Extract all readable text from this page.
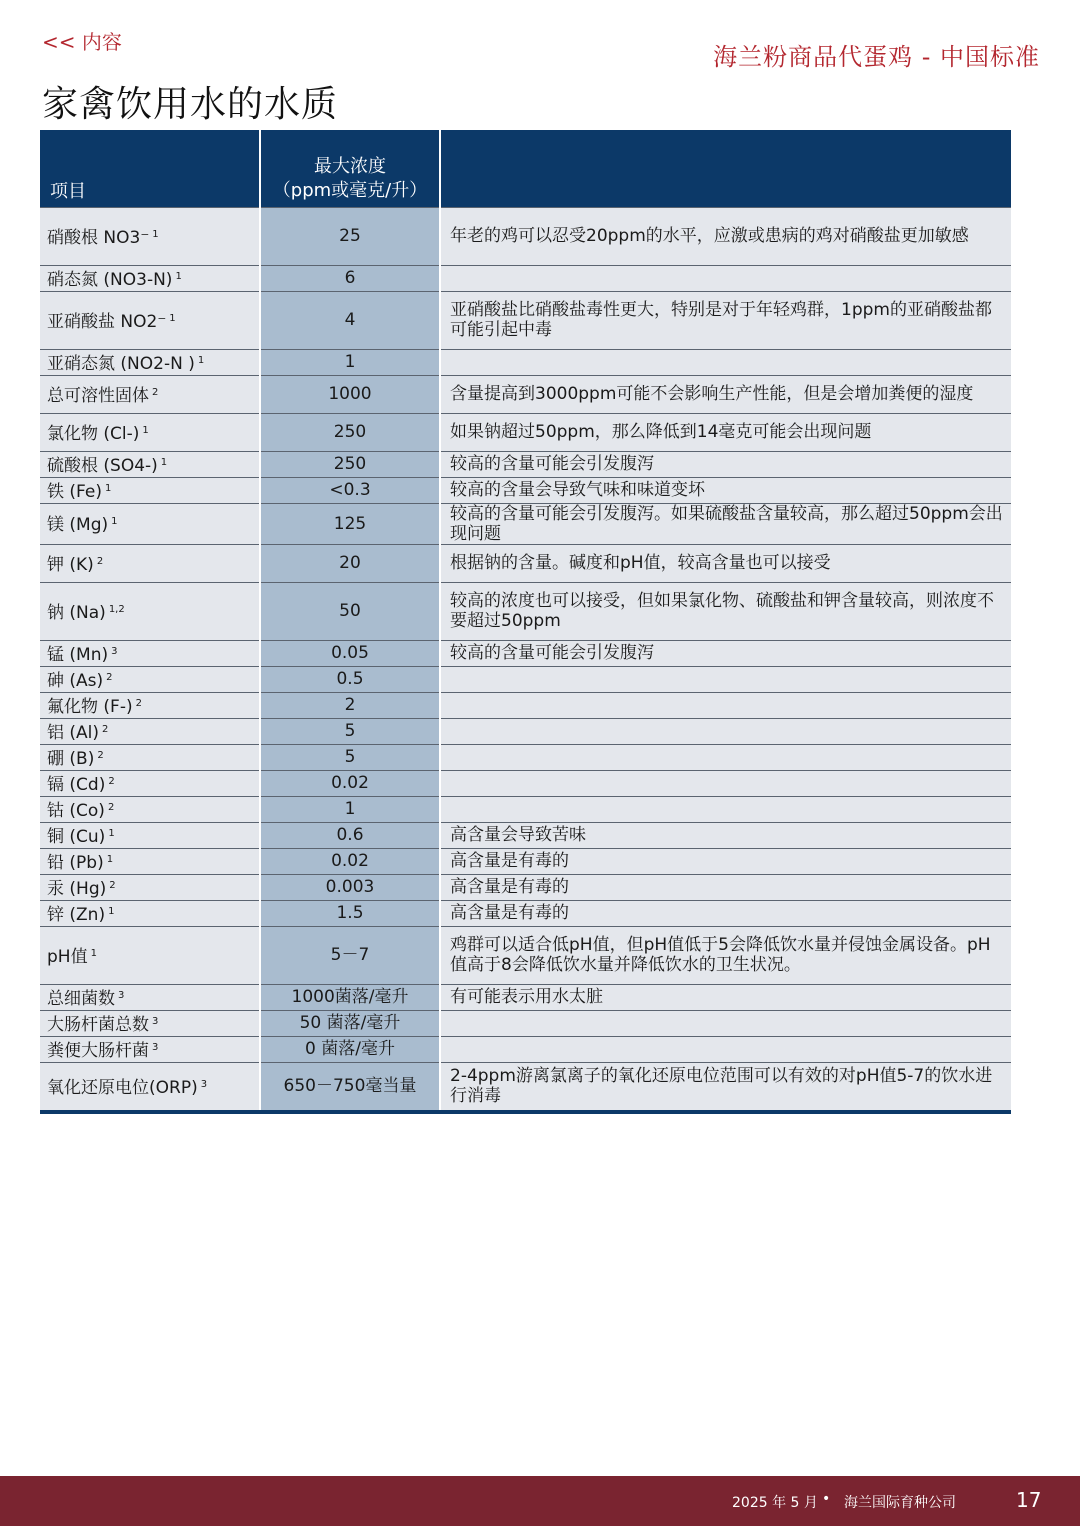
<< 内容
海兰粉商品代蛋鸡 - 中国标准
家禽饮用水的水质
项目	最大浓度
（ppm或毫克/升）	

硝酸根 NO3⁻ $^1$	25	年老的鸡可以忍受20ppm的水平，应激或患病的鸡对硝酸盐更加敏感
硝态氮 (NO3-N) $^1$	6	
亚硝酸盐 NO2⁻ $^1$	4	亚硝酸盐比硝酸盐毒性更大，特别是对于年轻鸡群，1ppm的亚硝酸盐都可能引起中毒
亚硝态氮 (NO2-N ) $^1$	1	
总可溶性固体 $^2$	1000	含量提高到3000ppm可能不会影响生产性能，但是会增加粪便的湿度
氯化物 (Cl-) $^1$	250	如果钠超过50ppm，那么降低到14毫克可能会出现问题
硫酸根 (SO4-) $^1$	250	较高的含量可能会引发腹泻
铁 (Fe) $^1$	<0.3	较高的含量会导致气味和味道变坏
镁 (Mg) $^1$	125	较高的含量可能会引发腹泻。如果硫酸盐含量较高，那么超过50ppm会出现问题
钾 (K) $^2$	20	根据钠的含量。碱度和pH值，较高含量也可以接受
钠 (Na) $^{1,2}$	50	较高的浓度也可以接受，但如果氯化物、硫酸盐和钾含量较高，则浓度不要超过50ppm
锰 (Mn) $^3$	0.05	较高的含量可能会引发腹泻
砷 (As) $^2$	0.5	
氟化物 (F-) $^2$	2	
铝 (Al) $^2$	5	
硼 (B) $^2$	5	
镉 (Cd) $^2$	0.02	
钴 (Co) $^2$	1	
铜 (Cu) $^1$	0.6	高含量会导致苦味
铅 (Pb) $^1$	0.02	高含量是有毒的
汞 (Hg) $^2$	0.003	高含量是有毒的
锌 (Zn) $^1$	1.5	高含量是有毒的
pH值 $^1$	5－7	鸡群可以适合低pH值，但pH值低于5会降低饮水量并侵蚀金属设备。pH值高于8会降低饮水量并降低饮水的卫生状况。
总细菌数 $^3$	1000菌落/毫升	有可能表示用水太脏
大肠杆菌总数 $^3$	50 菌落/毫升	
粪便大肠杆菌 $^3$	0 菌落/毫升	
氧化还原电位(ORP) $^3$	650－750毫当量	2-4ppm游离氯离子的氧化还原电位范围可以有效的对pH值5-7的饮水进行消毒
2025 年 5 月 • 海兰国际育种公司	17
